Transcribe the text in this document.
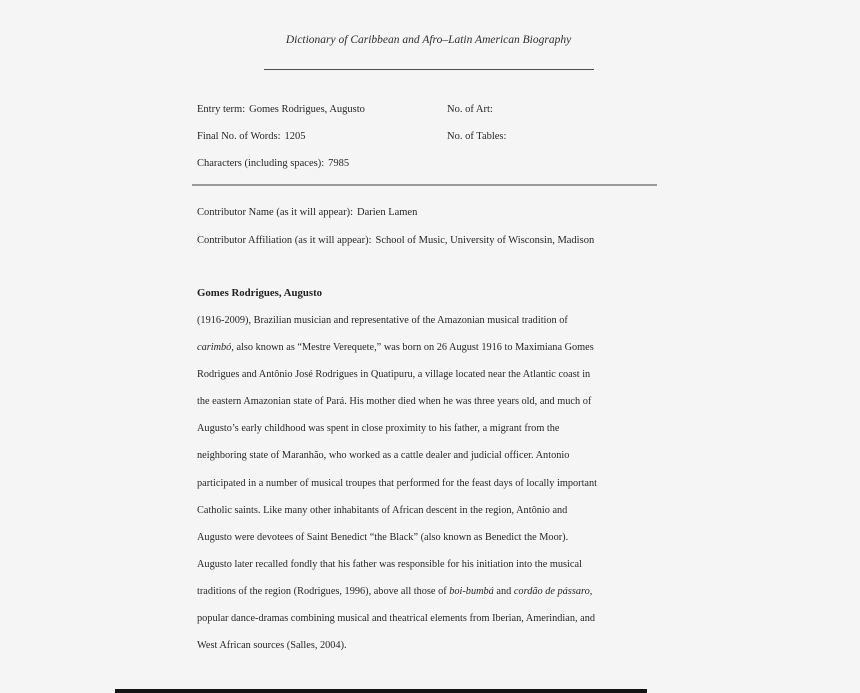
Dictionary of Caribbean and Afro–Latin American Biography
Entry term: Gomes Rodrigues, Augusto	No. of Art:
Final No. of Words: 1205	No. of Tables:
Characters (including spaces): 7985
Contributor Name (as it will appear): Darien Lamen
Contributor Affiliation (as it will appear): School of Music, University of Wisconsin, Madison
Gomes Rodrigues, Augusto
(1916-2009), Brazilian musician and representative of the Amazonian musical tradition of
carimbó, also known as “Mestre Verequete,” was born on 26 August 1916 to Maximiana Gomes
Rodrigues and Antônio José Rodrigues in Quatipuru, a village located near the Atlantic coast in
the eastern Amazonian state of Pará. His mother died when he was three years old, and much of
Augusto’s early childhood was spent in close proximity to his father, a migrant from the
neighboring state of Maranhão, who worked as a cattle dealer and judicial officer. Antonio
participated in a number of musical troupes that performed for the feast days of locally important
Catholic saints. Like many other inhabitants of African descent in the region, Antônio and
Augusto were devotees of Saint Benedict “the Black” (also known as Benedict the Moor).
Augusto later recalled fondly that his father was responsible for his initiation into the musical
traditions of the region (Rodrigues, 1996), above all those of boi-bumbá and cordão de pássaro,
popular dance-dramas combining musical and theatrical elements from Iberian, Amerindian, and
West African sources (Salles, 2004).
